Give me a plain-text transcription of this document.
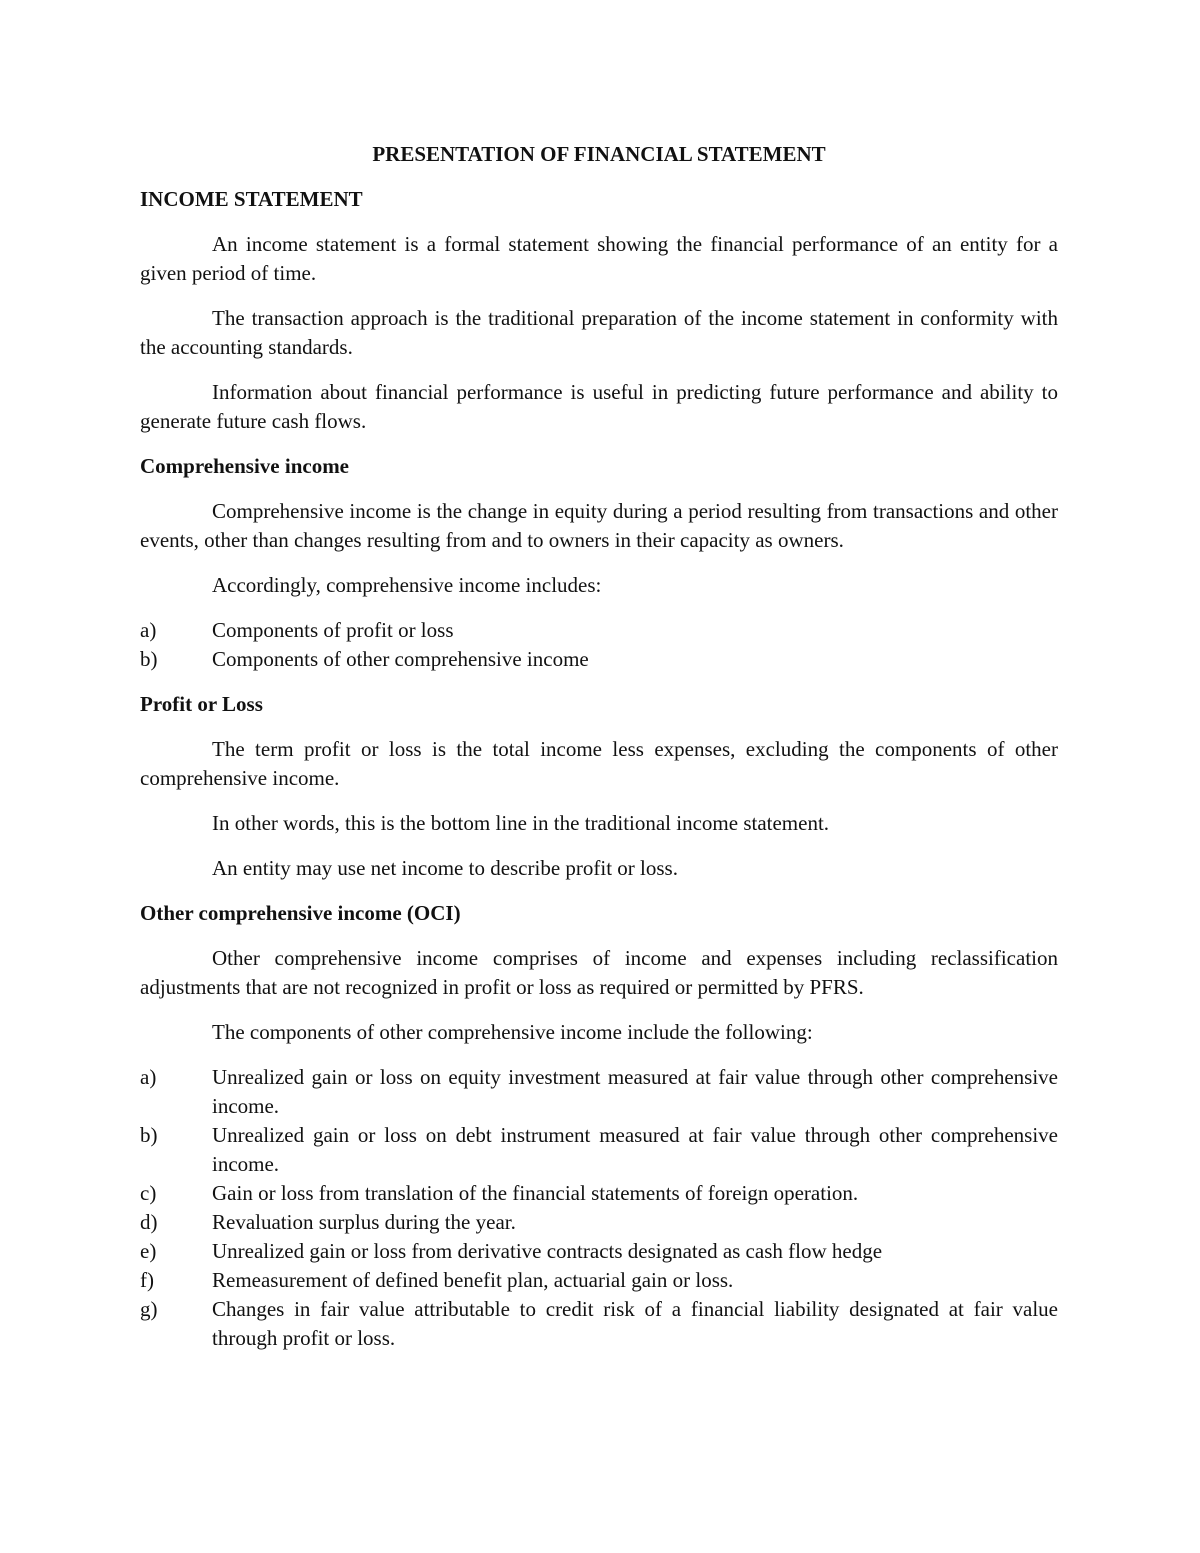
PRESENTATION OF FINANCIAL STATEMENT
INCOME STATEMENT

An income statement is a formal statement showing the financial performance of an entity for a given period of time.

The transaction approach is the traditional preparation of the income statement in conformity with the accounting standards.

Information about financial performance is useful in predicting future performance and ability to generate future cash flows.

Comprehensive income

Comprehensive income is the change in equity during a period resulting from transactions and other events, other than changes resulting from and to owners in their capacity as owners.

Accordingly, comprehensive income includes:

a)	Components of profit or loss
b)	Components of other comprehensive income
Profit or Loss

The term profit or loss is the total income less expenses, excluding the components of other comprehensive income.

In other words, this is the bottom line in the traditional income statement.

An entity may use net income to describe profit or loss.

Other comprehensive income (OCI)

Other comprehensive income comprises of income and expenses including reclassification adjustments that are not recognized in profit or loss as required or permitted by PFRS.

The components of other comprehensive income include the following:

a)	Unrealized gain or loss on equity investment measured at fair value through other comprehensive income.
b)	Unrealized gain or loss on debt instrument measured at fair value through other comprehensive income.
c)	Gain or loss from translation of the financial statements of foreign operation.
d)	Revaluation surplus during the year.
e)	Unrealized gain or loss from derivative contracts designated as cash flow hedge
f)	Remeasurement of defined benefit plan, actuarial gain or loss.
g)	Changes in fair value attributable to credit risk of a financial liability designated at fair value through profit or loss.
